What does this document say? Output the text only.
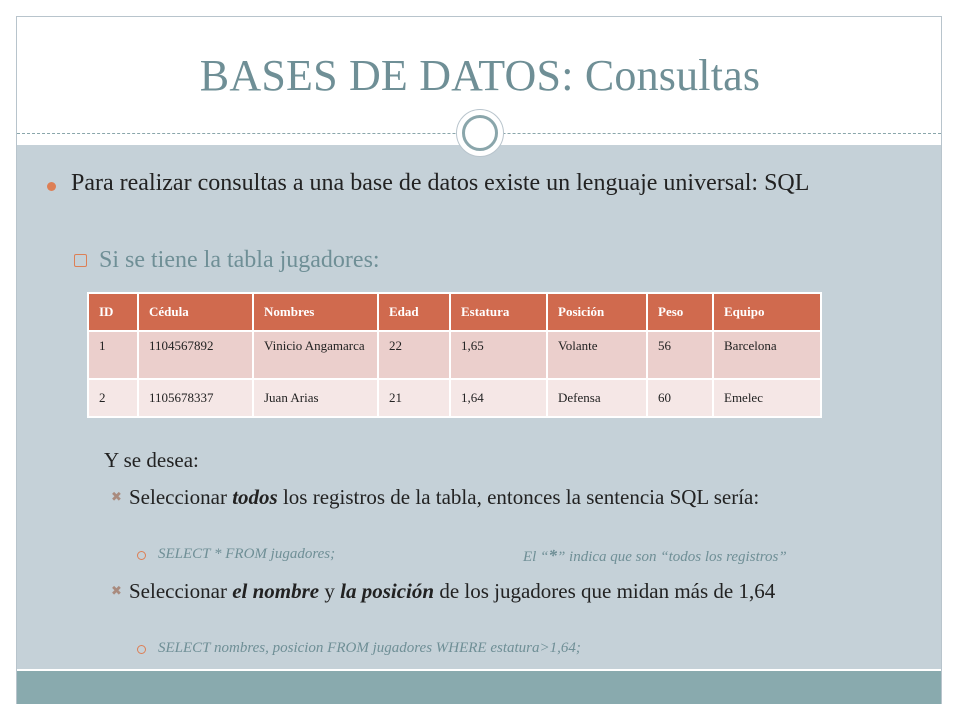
BASES DE DATOS: Consultas
Para realizar consultas a una base de datos existe un lenguaje universal: SQL
Si se tiene la tabla jugadores:
ID	Cédula	Nombres	Edad	Estatura	Posición	Peso	Equipo
1	1104567892	Vinicio Angamarca	22	1,65	Volante	56	Barcelona
2	1105678337	Juan Arias	21	1,64	Defensa	60	Emelec
Y se desea:
✖ Seleccionar todos los registros de la tabla, entonces la sentencia SQL sería:
SELECT * FROM jugadores;	El “*” indica que son “todos los registros”
✖ Seleccionar el nombre y la posición de los jugadores que midan más de 1,64
SELECT nombres, posicion FROM jugadores WHERE estatura>1,64;
